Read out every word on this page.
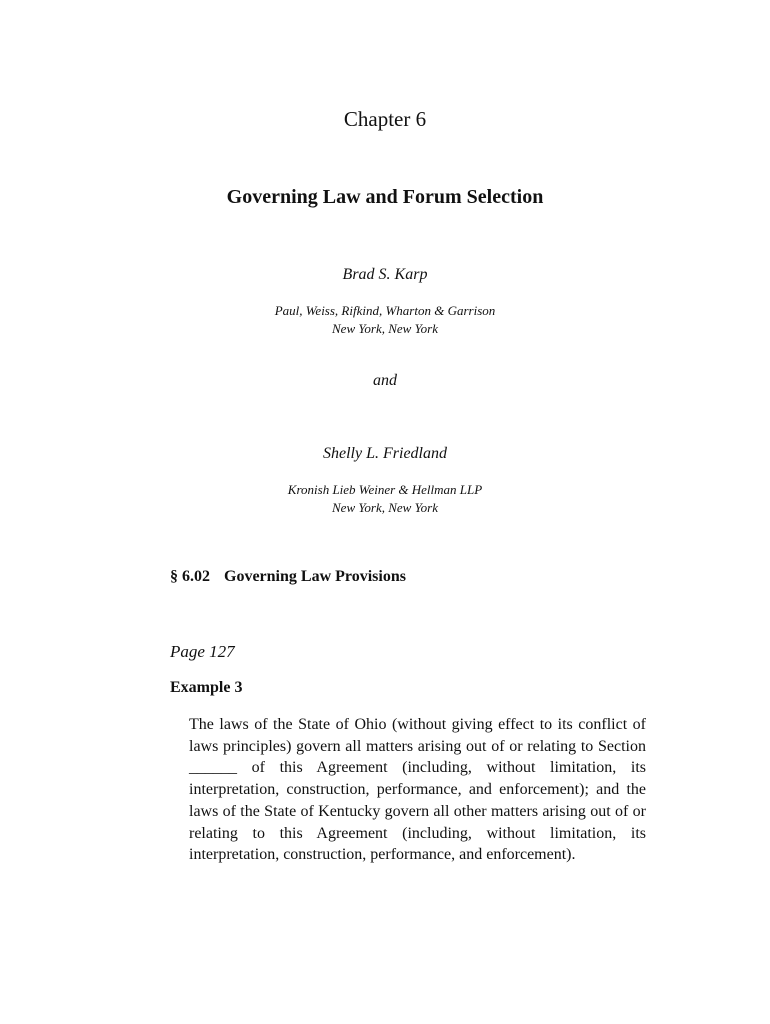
Chapter 6
Governing Law and Forum Selection
Brad S. Karp
Paul, Weiss, Rifkind, Wharton & Garrison
New York, New York
and
Shelly L. Friedland
Kronish Lieb Weiner & Hellman LLP
New York, New York
§ 6.02 Governing Law Provisions
Page 127
Example 3
The laws of the State of Ohio (without giving effect to its conflict of laws principles) govern all matters arising out of or relating to Section ______ of this Agreement (including, without limitation, its interpretation, construction, performance, and enforcement); and the laws of the State of Kentucky govern all other matters arising out of or relating to this Agreement (including, without limitation, its interpretation, construction, performance, and enforcement).
